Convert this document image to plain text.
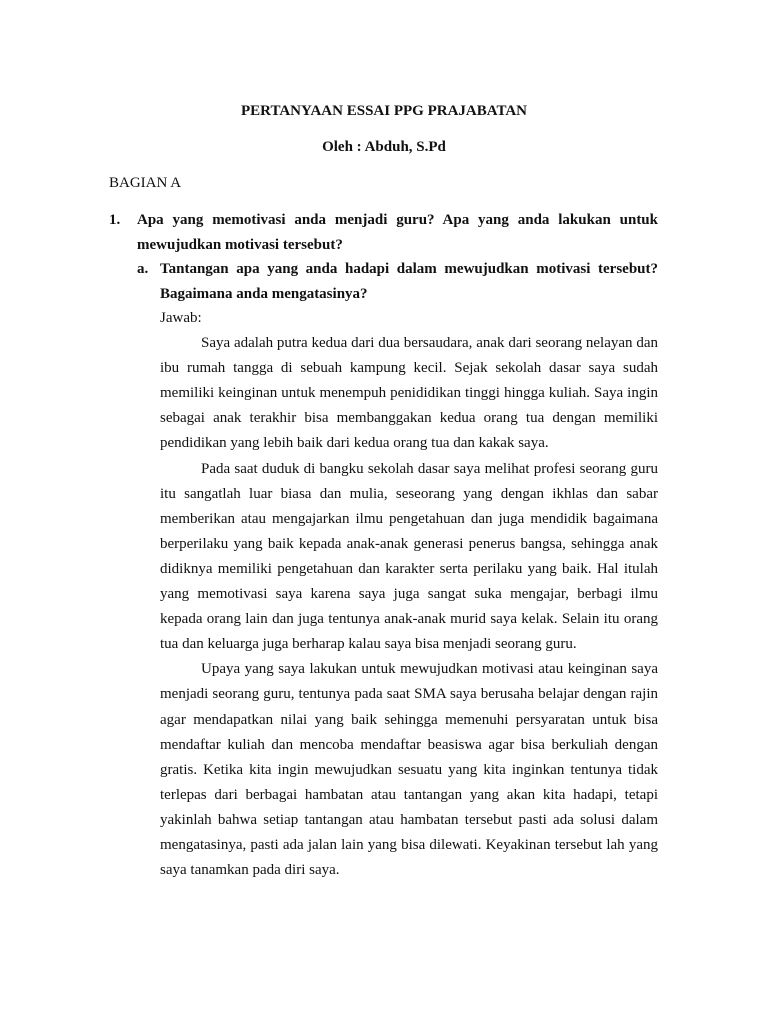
PERTANYAAN ESSAI PPG PRAJABATAN
Oleh : Abduh, S.Pd
BAGIAN A
1. Apa yang memotivasi anda menjadi guru? Apa yang anda lakukan untuk mewujudkan motivasi tersebut?
a. Tantangan apa yang anda hadapi dalam mewujudkan motivasi tersebut? Bagaimana anda mengatasinya?

Jawab:

Saya adalah putra kedua dari dua bersaudara, anak dari seorang nelayan dan ibu rumah tangga di sebuah kampung kecil. Sejak sekolah dasar saya sudah memiliki keinginan untuk menempuh penididikan tinggi hingga kuliah. Saya ingin sebagai anak terakhir bisa membanggakan kedua orang tua dengan memiliki pendidikan yang lebih baik dari kedua orang tua dan kakak saya.

Pada saat duduk di bangku sekolah dasar saya melihat profesi seorang guru itu sangatlah luar biasa dan mulia, seseorang yang dengan ikhlas dan sabar memberikan atau mengajarkan ilmu pengetahuan dan juga mendidik bagaimana berperilaku yang baik kepada anak-anak generasi penerus bangsa, sehingga anak didiknya memiliki pengetahuan dan karakter serta perilaku yang baik. Hal itulah yang memotivasi saya karena saya juga sangat suka mengajar, berbagi ilmu kepada orang lain dan juga tentunya anak-anak murid saya kelak. Selain itu orang tua dan keluarga juga berharap kalau saya bisa menjadi seorang guru.

Upaya yang saya lakukan untuk mewujudkan motivasi atau keinginan saya menjadi seorang guru, tentunya pada saat SMA saya berusaha belajar dengan rajin agar mendapatkan nilai yang baik sehingga memenuhi persyaratan untuk bisa mendaftar kuliah dan mencoba mendaftar beasiswa agar bisa berkuliah dengan gratis. Ketika kita ingin mewujudkan sesuatu yang kita inginkan tentunya tidak terlepas dari berbagai hambatan atau tantangan yang akan kita hadapi, tetapi yakinlah bahwa setiap tantangan atau hambatan tersebut pasti ada solusi dalam mengatasinya, pasti ada jalan lain yang bisa dilewati. Keyakinan tersebut lah yang saya tanamkan pada diri saya.
